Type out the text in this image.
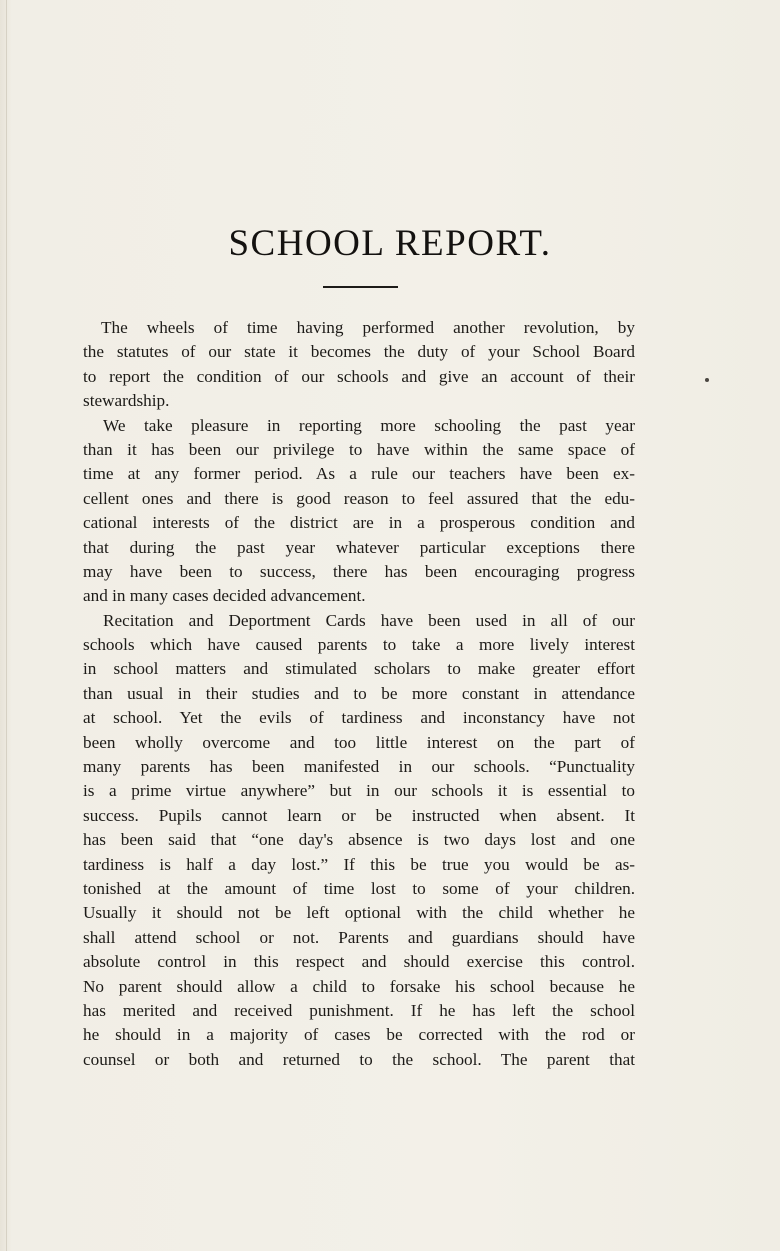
SCHOOL REPORT.
The wheels of time having performed another revolution, by
the statutes of our state it becomes the duty of your School Board
to report the condition of our schools and give an account of their
stewardship.
We take pleasure in reporting more schooling the past year
than it has been our privilege to have within the same space of
time at any former period. As a rule our teachers have been ex-
cellent ones and there is good reason to feel assured that the edu-
cational interests of the district are in a prosperous condition and
that during the past year whatever particular exceptions there
may have been to success, there has been encouraging progress
and in many cases decided advancement.
Recitation and Deportment Cards have been used in all of our
schools which have caused parents to take a more lively interest
in school matters and stimulated scholars to make greater effort
than usual in their studies and to be more constant in attendance
at school. Yet the evils of tardiness and inconstancy have not
been wholly overcome and too little interest on the part of
many parents has been manifested in our schools. “Punctuality
is a prime virtue anywhere” but in our schools it is essential to
success. Pupils cannot learn or be instructed when absent. It
has been said that “one day's absence is two days lost and one
tardiness is half a day lost.” If this be true you would be as-
tonished at the amount of time lost to some of your children.
Usually it should not be left optional with the child whether he
shall attend school or not. Parents and guardians should have
absolute control in this respect and should exercise this control.
No parent should allow a child to forsake his school because he
has merited and received punishment. If he has left the school
he should in a majority of cases be corrected with the rod or
counsel or both and returned to the school. The parent that
